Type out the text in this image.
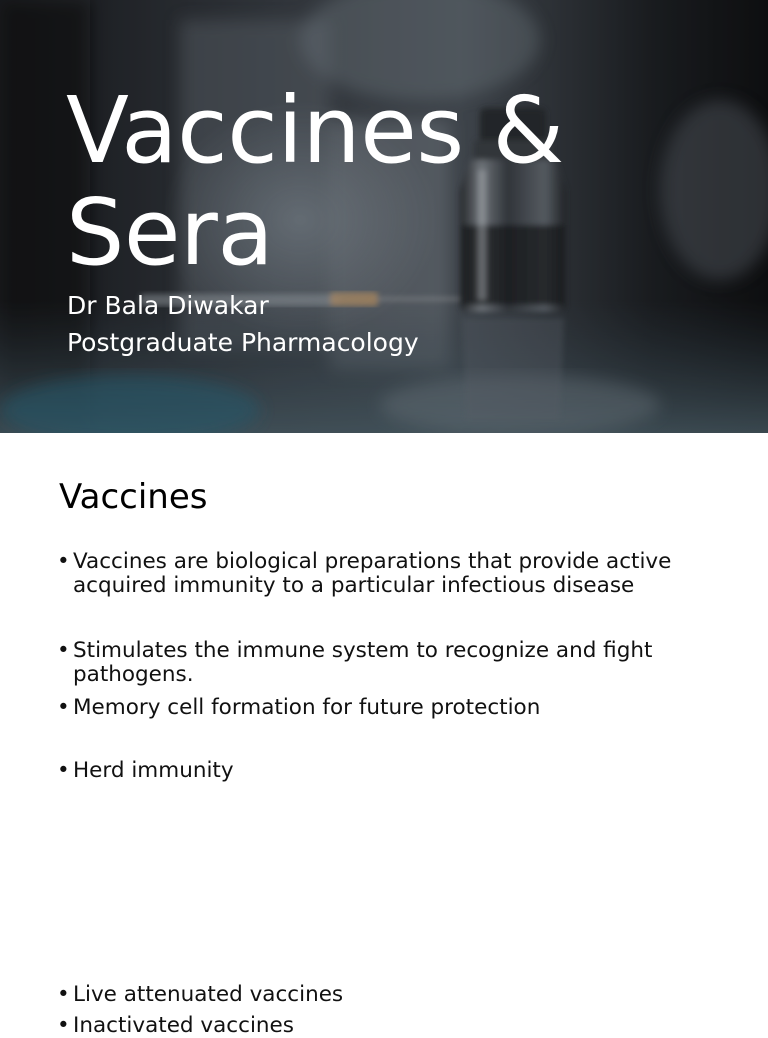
Vaccines &
Sera
Dr Bala Diwakar
Postgraduate Pharmacology
Vaccines
• Vaccines are biological preparations that provide active acquired immunity to a particular infectious disease
• Stimulates the immune system to recognize and fight pathogens.
• Memory cell formation for future protection
• Herd immunity
• Live attenuated vaccines
• Inactivated vaccines
